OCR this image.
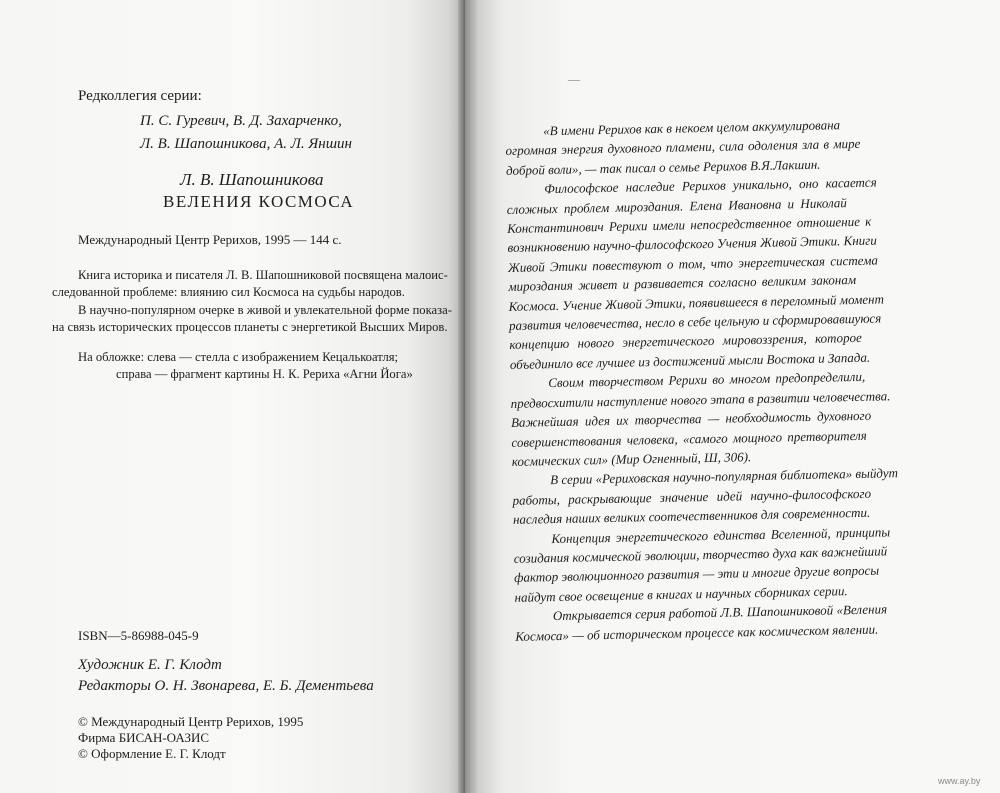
Редколлегия серии:
П. С. Гуревич, В. Д. Захарченко,
Л. В. Шапошникова, А. Л. Яншин
Л. В. Шапошникова
ВЕЛЕНИЯ КОСМОСА
Международный Центр Рерихов, 1995 — 144 с.
Книга историка и писателя Л. В. Шапошниковой посвящена малоис-
следованной проблеме: влиянию сил Космоса на судьбы народов.
В научно-популярном очерке в живой и увлекательной форме показа-
на связь исторических процессов планеты с энергетикой Высших Миров.
На обложке: слева — стелла с изображением Кецалькоатля;
справа — фрагмент картины Н. К. Рериха «Агни Йога»
ISBN—5-86988-045-9
Художник Е. Г. Клодт
Редакторы О. Н. Звонарева, Е. Б. Дементьева
© Международный Центр Рерихов, 1995
Фирма БИСАН-ОАЗИС
© Оформление Е. Г. Клодт
—
«В имени Рерихов как в некоем целом аккумулирована
огромная энергия духовного пламени, сила одоления зла в мире
доброй воли», — так писал о семье Рерихов В.Я.Лакшин.
Философское наследие Рерихов уникально, оно касается
сложных проблем мироздания. Елена Ивановна и Николай
Константинович Рерихи имели непосредственное отношение к
возникновению научно-философского Учения Живой Этики. Книги
Живой Этики повествуют о том, что энергетическая система
мироздания живет и развивается согласно великим законам
Космоса. Учение Живой Этики, появившееся в переломный момент
развития человечества, несло в себе цельную и сформировавшуюся
концепцию нового энергетического мировоззрения, которое
объединило все лучшее из достижений мысли Востока и Запада.
Своим творчеством Рерихи во многом предопределили,
предвосхитили наступление нового этапа в развитии человечества.
Важнейшая идея их творчества — необходимость духовного
совершенствования человека, «самого мощного претворителя
космических сил» (Мир Огненный, Ш, 306).
В серии «Рериховская научно-популярная библиотека» выйдут
работы, раскрывающие значение идей научно-философского
наследия наших великих соотечественников для современности.
Концепция энергетического единства Вселенной, принципы
созидания космической эволюции, творчество духа как важнейший
фактор эволюционного развития — эти и многие другие вопросы
найдут свое освещение в книгах и научных сборниках серии.
Открывается серия работой Л.В. Шапошниковой «Веления
Космоса» — об историческом процессе как космическом явлении.
www.ay.by
